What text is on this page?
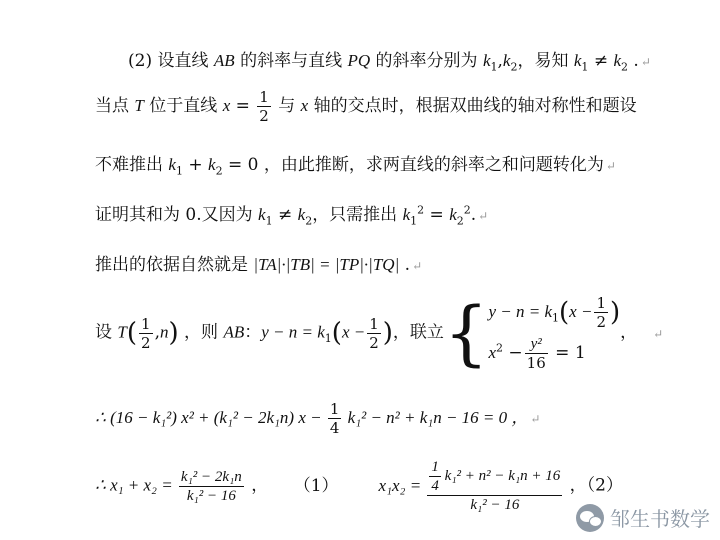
(2) 设直线 AB 的斜率与直线 PQ 的斜率分别为 $k_1,k_2$，易知 $k_1 \ne k_2$ . ↵
当点 T 位于直线 $x = \frac{1}{2}$ 与 x 轴的交点时，根据双曲线的轴对称性和题设
不难推出 $k_1 + k_2 = 0$ ，由此推断，求两直线的斜率之和问题转化为 ↵
证明其和为 0.又因为 $k_1 \ne k_2$，只需推出 $k_1^2 = k_2^2$. ↵
推出的依据自然就是 |TA|·|TB| = |TP|·|TQ| . ↵
设 $T( \frac{1}{2} ,n)$ ，则 AB：$y - n = k_1(x - \frac{1}{2}$ )，联立{ $y - n = k_1(x - \frac{1}{2}$ )
$x^2 - \frac{\text{y²}}{16} = 1$
， ↵
∴ (16 − k₁²) x² + (k₁² − 2k₁n) $x - \frac{1}{4} k_1^2 - n^2 + k_1n - 16 = 0$ ， ↵
∴ $x_1 + x_2 = \frac{\text{k₁² − 2k₁n}}{\text{k₁² − 16}}$ ， （1） $x_1x_2 = \frac{\frac{1}{4} k_1^2 + n^2 - k_1n + 16}{\text{k₁² − 16}}$ ，（2）
邹生书数学
